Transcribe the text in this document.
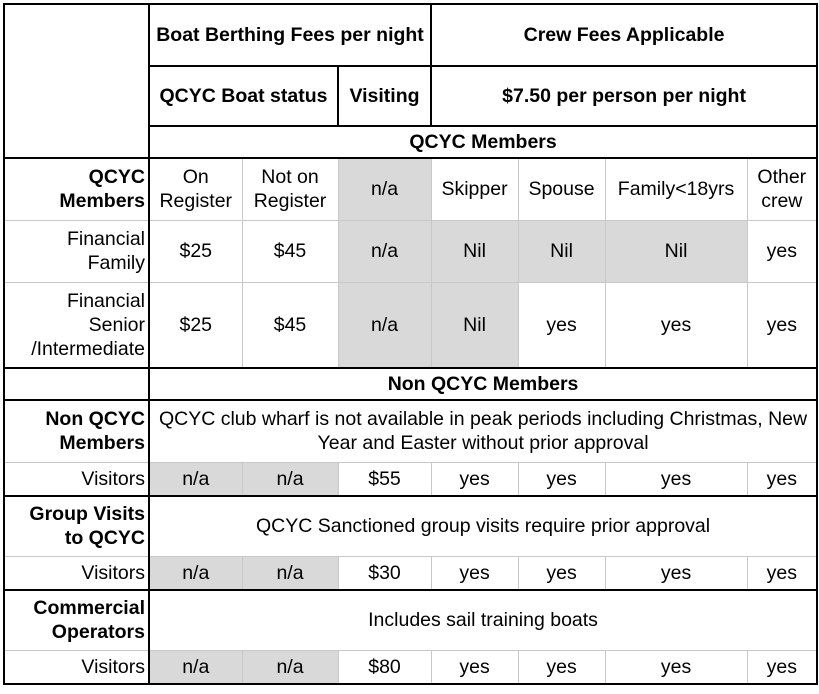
	Boat Berthing Fees per night			Crew Fees Applicable			
	QCYC Boat status		Visiting	$7.50 per person per night			
	QCYC Members						
QCYC Members	On Register	Not on Register	n/a	Skipper	Spouse	Family<18yrs	Other crew
Financial Family	$25	$45	n/a	Nil	Nil	Nil	yes
Financial Senior /Intermediate	$25	$45	n/a	Nil	yes	yes	yes
	Non QCYC Members						
Non QCYC Members	QCYC club wharf is not available in peak periods including Christmas, New Year and Easter without prior approval						
Visitors	n/a	n/a	$55	yes	yes	yes	yes
Group Visits to QCYC	QCYC Sanctioned group visits require prior approval						
Visitors	n/a	n/a	$30	yes	yes	yes	yes
Commercial Operators	Includes sail training boats						
Visitors	n/a	n/a	$80	yes	yes	yes	yes
